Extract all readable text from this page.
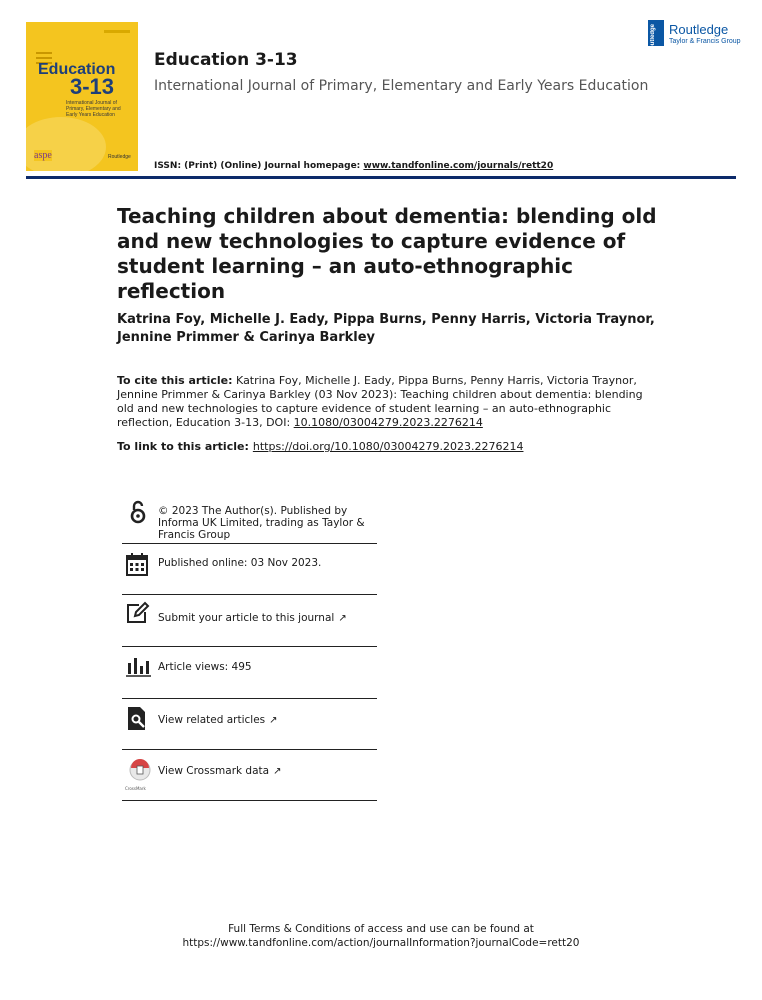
Education
3-13
International Journal of Primary, Elementary and Early Years Education
aspe	Routledge
Education 3-13
International Journal of Primary, Elementary and Early Years Education
ISSN: (Print) (Online) Journal homepage: www.tandfonline.com/journals/rett20
Routledge Routledge
Taylor & Francis Group
Teaching children about dementia: blending old and new technologies to capture evidence of student learning – an auto-ethnographic reflection
Katrina Foy, Michelle J. Eady, Pippa Burns, Penny Harris, Victoria Traynor, Jennine Primmer & Carinya Barkley
To cite this article: Katrina Foy, Michelle J. Eady, Pippa Burns, Penny Harris, Victoria Traynor, Jennine Primmer & Carinya Barkley (03 Nov 2023): Teaching children about dementia: blending old and new technologies to capture evidence of student learning – an auto-ethnographic reflection, Education 3-13, DOI: 10.1080/03004279.2023.2276214
To link to this article: https://doi.org/10.1080/03004279.2023.2276214
© 2023 The Author(s). Published by Informa UK Limited, trading as Taylor & Francis Group
Published online: 03 Nov 2023.
Submit your article to this journal ↗
Article views: 495
View related articles ↗
CrossMark
View Crossmark data ↗
Full Terms & Conditions of access and use can be found at
https://www.tandfonline.com/action/journalInformation?journalCode=rett20
